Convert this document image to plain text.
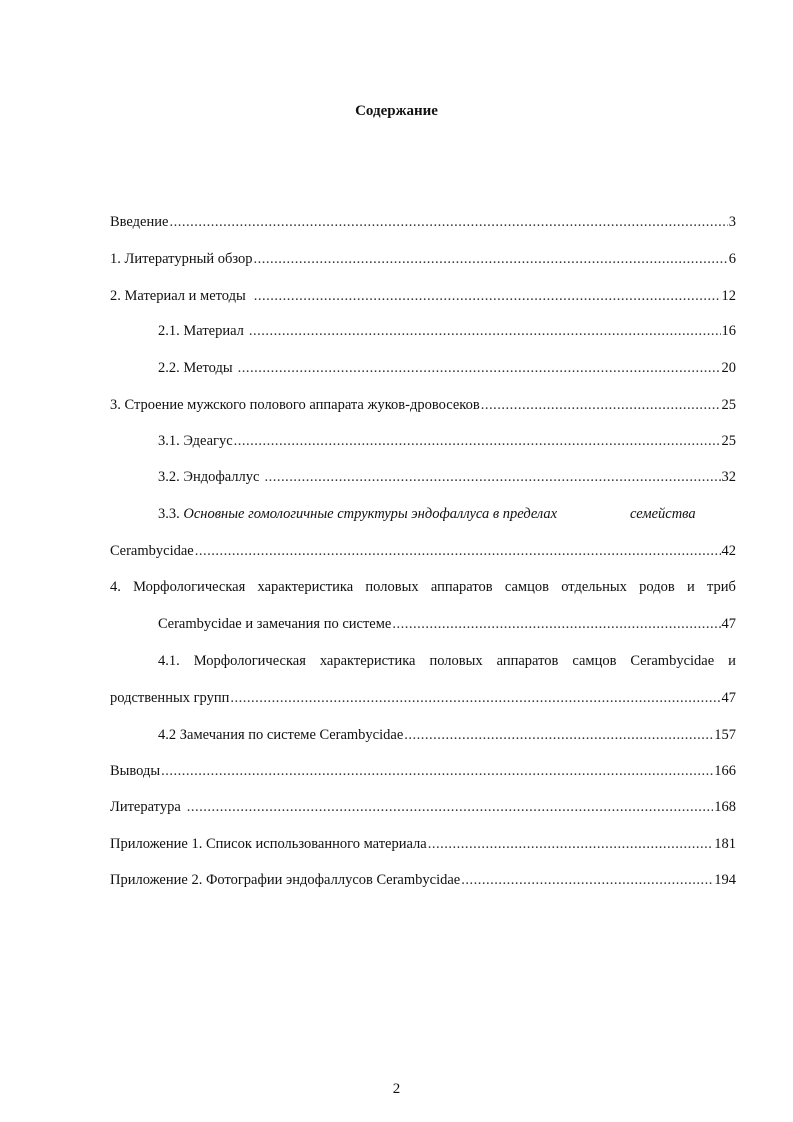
Содержание
Введение .....	3
1. Литературный обзор .....	6
2. Материал и методы .....	12
2.1. Материал .....	16
2.2. Методы .....	20
3. Строение мужского полового аппарата жуков-дровосеков .....	25
3.1. Эдеагус .....	25
3.2. Эндофаллус .....	32
3.3. Основные гомологичные структуры эндофаллуса в пределах	семейства
Cerambycidae .....	42
4. Морфологическая характеристика половых аппаратов самцов отдельных родов и триб
Cerambycidae и замечания по системе .....	47
4.1. Морфологическая характеристика половых аппаратов самцов Cerambycidae и
родственных групп .....	47
4.2 Замечания по системе Cerambycidae .....	157
Выводы .....	166
Литература .....	168
Приложение 1. Список использованного материала .....	181
Приложение 2. Фотографии эндофаллусов Cerambycidae .....	194
2
